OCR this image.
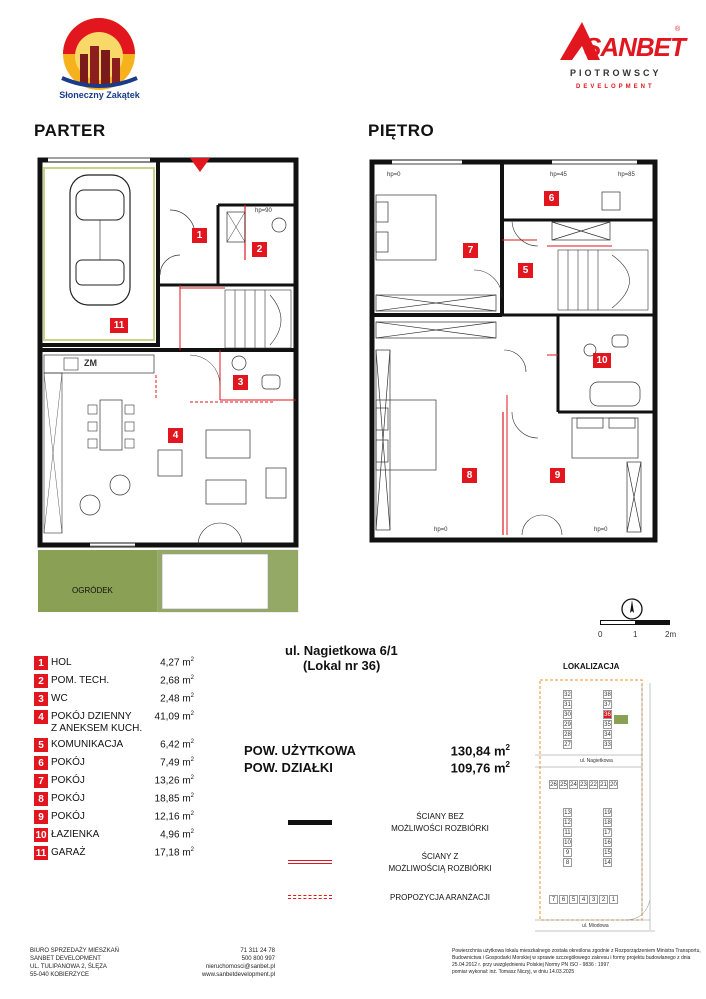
Słoneczny Zakątek
SANBET
®
PIOTROWSCY
DEVELOPMENT
PARTER	PIĘTRO
ZM
hp=90
OGRÓDEK
1
2
3
4
11
hp=0	hp=45	hp=85
hp=0	hp=0
5
6
7
8	9
10
0	1	2m
ul. Nagietkowa 6/1
(Lokal nr 36)
1 HOL	4,27 $m^2$
2 POM. TECH.	2,68 $m^2$
3 WC	2,48 $m^2$
4 POKÓJ DZIENNY
Z ANEKSEM KUCH.
41,09 $m^2$
5 KOMUNIKACJA	6,42 $m^2$
6 POKÓJ	7,49 $m^2$
7 POKÓJ	13,26 $m^2$
8 POKÓJ	18,85 $m^2$
9 POKÓJ	12,16 $m^2$
10 ŁAZIENKA	4,96 $m^2$
11 GARAŻ	17,18 $m^2$
POW. UŻYTKOWA	130,84 $m^2$
POW. DZIAŁKI	109,76 $m^2$
ŚCIANY BEZ
MOŻLIWOŚCI ROZBIÓRKI
ŚCIANY Z
MOŻLIWOŚCIĄ ROZBIÓRKI
PROPOZYCJA ARANŻACJI
LOKALIZACJA
ul. Nagietkowa
ul. Miodowa
32
31
30
29
28
27
38
37
36
35
34
33
26 25 24 23 22 21 20
13
12
11
10
9
8
19
18
17
16
15
14
7	6	5	4	3	2	1
BIURO SPRZEDAŻY MIESZKAŃ
SANBET DEVELOPMENT
UL. TULIPANOWA 2, ŚLĘZA
55-040 KOBIERZYCE
71 311 24 78
500 800 997
nieruchomosci@sanbet.pl
www.sanbetdevelopment.pl
Powierzchnia użytkowa lokalu mieszkalnego została określona zgodnie z Rozporządzeniem Ministra Transportu,
Budownictwa i Gospodarki Morskiej w sprawie szczegółowego zakresu i formy projektu budowlanego z dnia
25.04.2012 r. przy uwzględnieniu Polskiej Normy PN ISO - 9836 : 1997
pomiar wykonał: inż. Tomasz Niczyj, w dniu 14.03.2025
